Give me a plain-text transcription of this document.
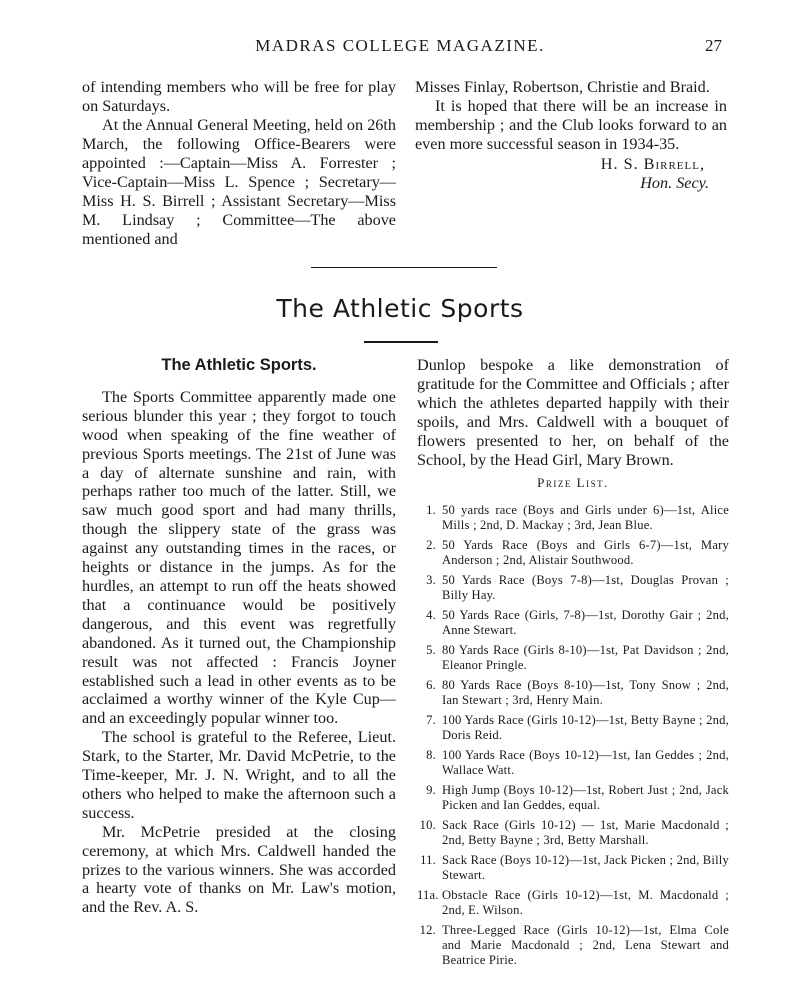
MADRAS COLLEGE MAGAZINE.	27

of intending members who will be free for play on Saturdays.

At the Annual General Meeting, held on 26th March, the following Office-Bearers were appointed :—Captain—Miss A. Forrester ; Vice-Captain—Miss L. Spence ; Secretary—Miss H. S. Birrell ; Assistant Secretary—Miss M. Lindsay ; Committee—The above mentioned and

Misses Finlay, Robertson, Christie and Braid.

It is hoped that there will be an increase in membership ; and the Club looks forward to an even more successful season in 1934-35.

H. S. Birrell,
Hon. Secy.
The Athletic Sports
The Athletic Sports.

The Sports Committee apparently made one serious blunder this year ; they forgot to touch wood when speaking of the fine weather of previous Sports meetings. The 21st of June was a day of alternate sunshine and rain, with perhaps rather too much of the latter. Still, we saw much good sport and had many thrills, though the slippery state of the grass was against any outstanding times in the races, or heights or distance in the jumps. As for the hurdles, an attempt to run off the heats showed that a continuance would be positively dangerous, and this event was regretfully abandoned. As it turned out, the Championship result was not affected : Francis Joyner established such a lead in other events as to be acclaimed a worthy winner of the Kyle Cup—and an exceedingly popular winner too.

The school is grateful to the Referee, Lieut. Stark, to the Starter, Mr. David McPetrie, to the Time-keeper, Mr. J. N. Wright, and to all the others who helped to make the afternoon such a success.

Mr. McPetrie presided at the closing ceremony, at which Mrs. Caldwell handed the prizes to the various winners. She was accorded a hearty vote of thanks on Mr. Law's motion, and the Rev. A. S.

Dunlop bespoke a like demonstration of gratitude for the Committee and Officials ; after which the athletes departed happily with their spoils, and Mrs. Caldwell with a bouquet of flowers presented to her, on behalf of the School, by the Head Girl, Mary Brown.

Prize List.
1. 50 yards race (Boys and Girls under 6)—1st, Alice Mills ; 2nd, D. Mackay ; 3rd, Jean Blue.
2. 50 Yards Race (Boys and Girls 6-7)—1st, Mary Anderson ; 2nd, Alistair Southwood.
3. 50 Yards Race (Boys 7-8)—1st, Douglas Provan ; Billy Hay.
4. 50 Yards Race (Girls, 7-8)—1st, Dorothy Gair ; 2nd, Anne Stewart.
5. 80 Yards Race (Girls 8-10)—1st, Pat Davidson ; 2nd, Eleanor Pringle.
6. 80 Yards Race (Boys 8-10)—1st, Tony Snow ; 2nd, Ian Stewart ; 3rd, Henry Main.
7. 100 Yards Race (Girls 10-12)—1st, Betty Bayne ; 2nd, Doris Reid.
8. 100 Yards Race (Boys 10-12)—1st, Ian Geddes ; 2nd, Wallace Watt.
9. High Jump (Boys 10-12)—1st, Robert Just ; 2nd, Jack Picken and Ian Geddes, equal.
10. Sack Race (Girls 10-12) — 1st, Marie Macdonald ; 2nd, Betty Bayne ; 3rd, Betty Marshall.
11. Sack Race (Boys 10-12)—1st, Jack Picken ; 2nd, Billy Stewart.
11a. Obstacle Race (Girls 10-12)—1st, M. Macdonald ; 2nd, E. Wilson.
12. Three-Legged Race (Girls 10-12)—1st, Elma Cole and Marie Macdonald ; 2nd, Lena Stewart and Beatrice Pirie.
